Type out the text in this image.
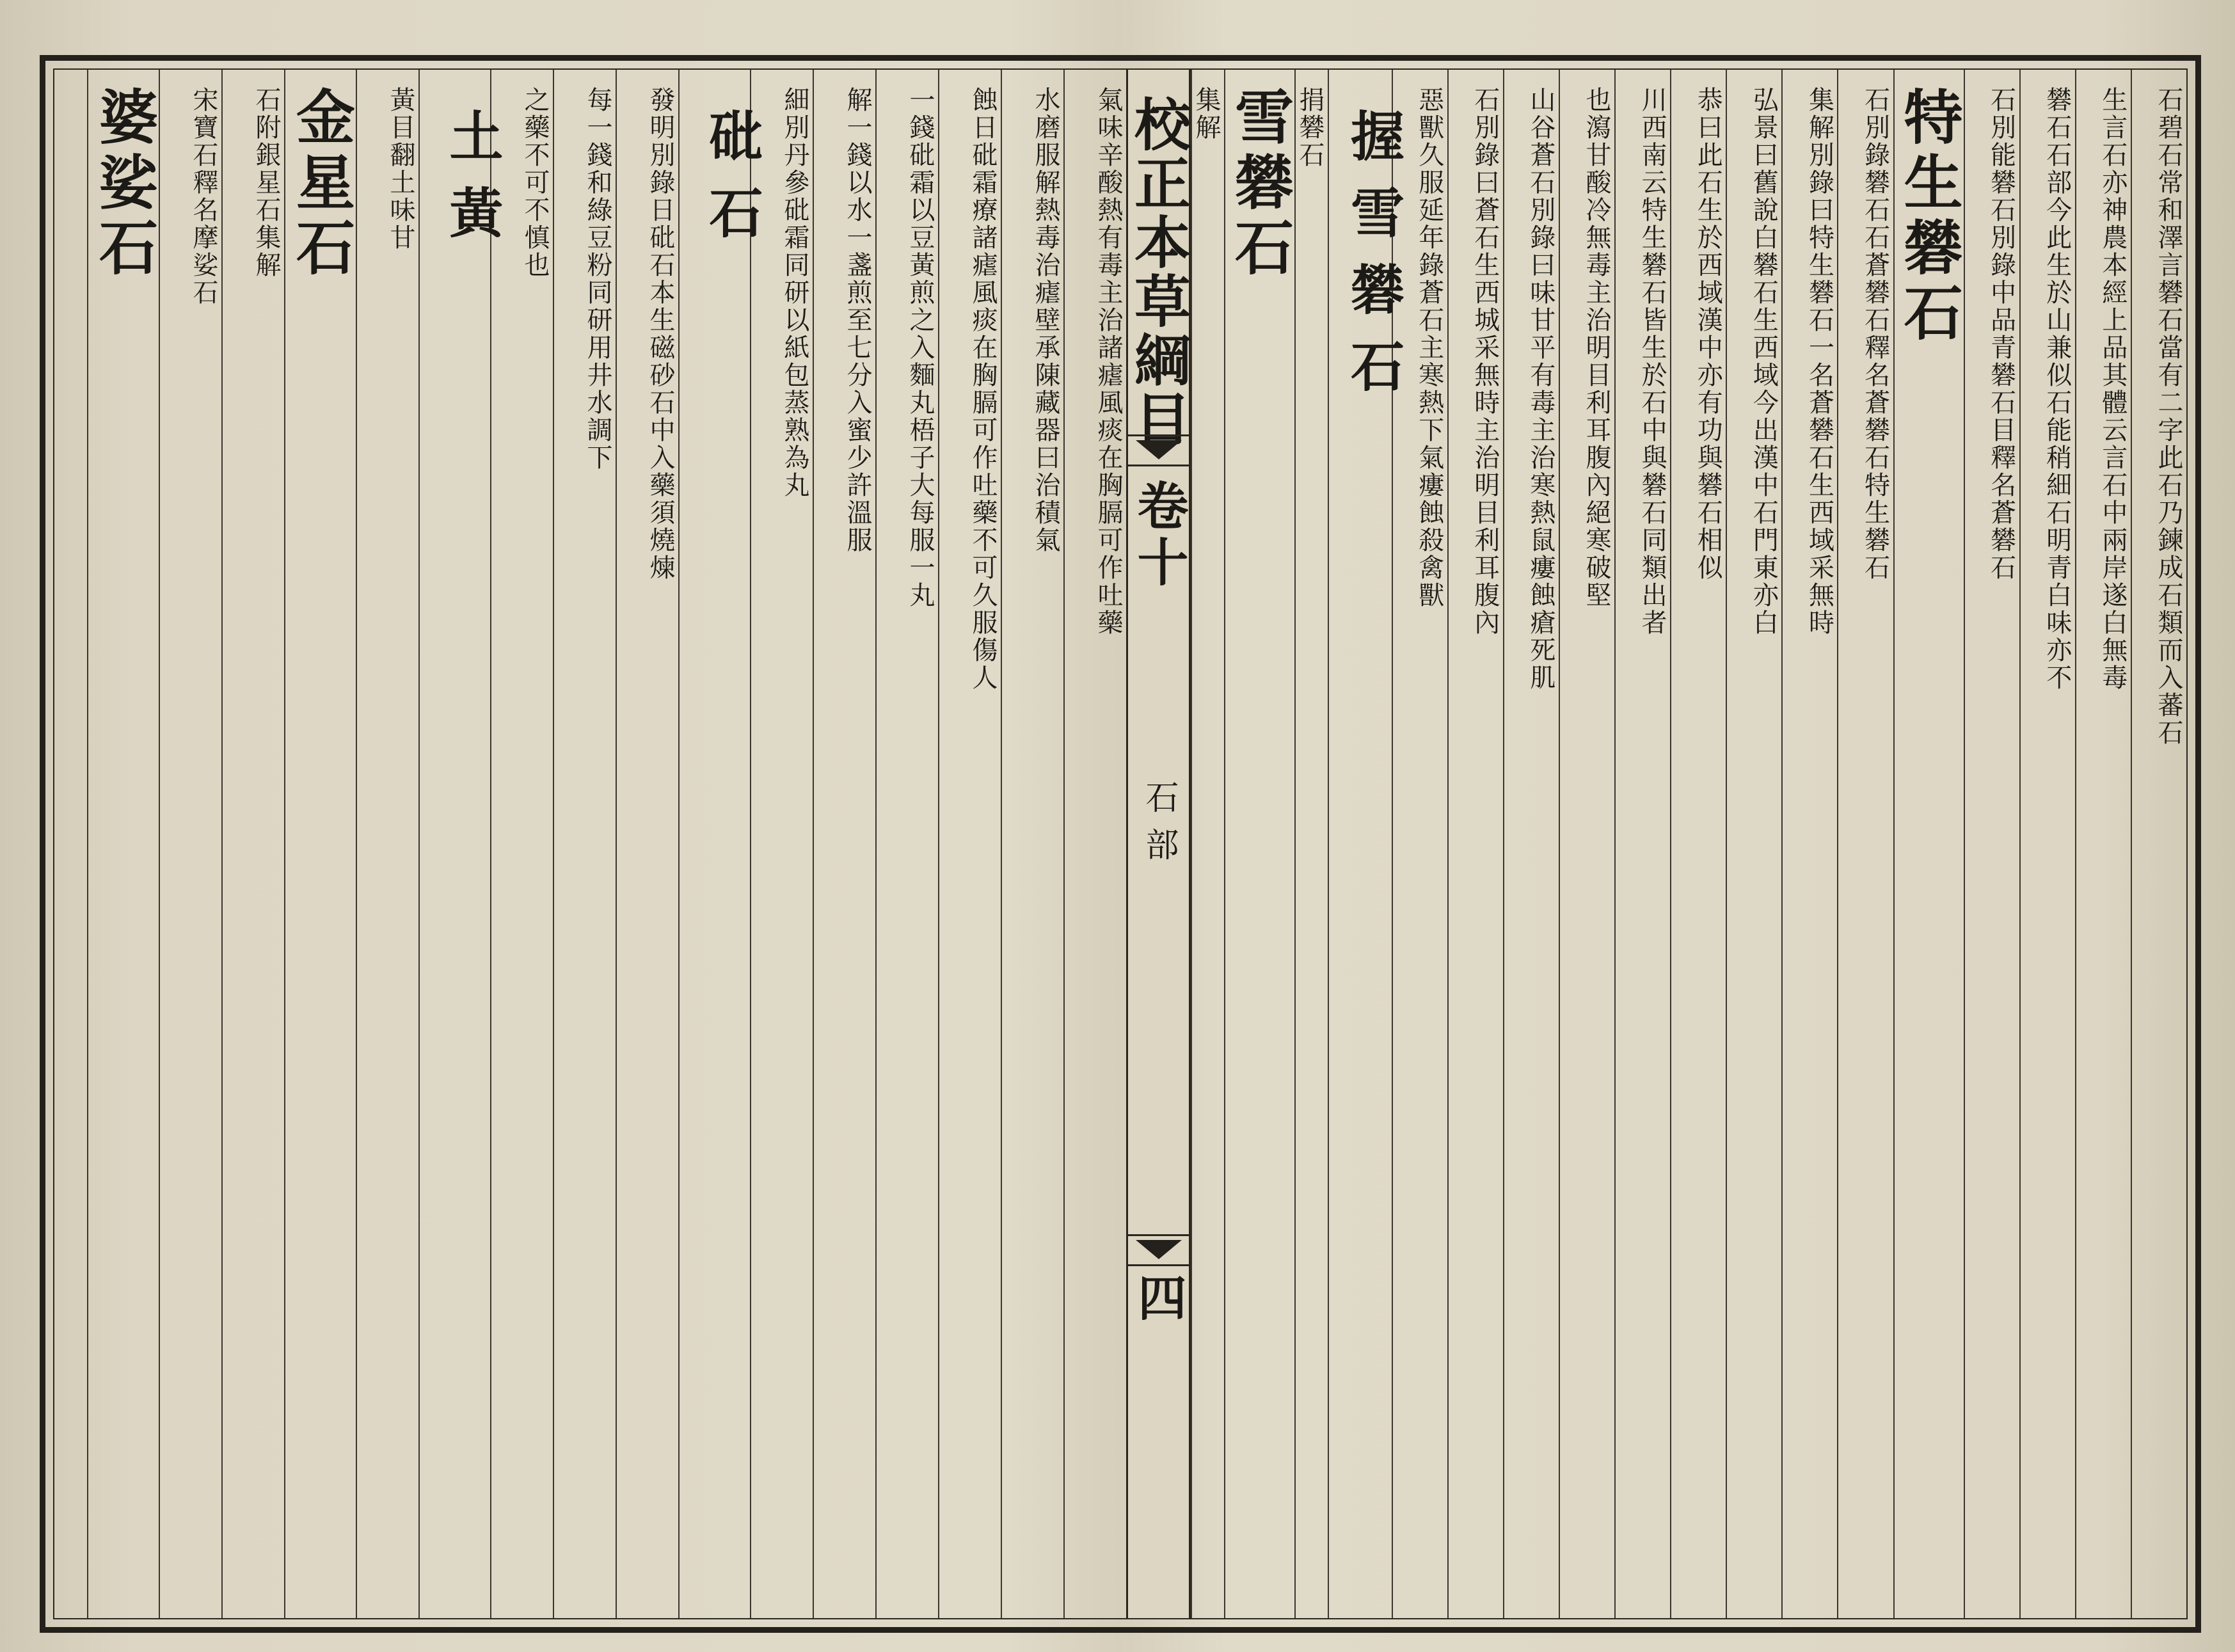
石碧石常和澤言礬石當有二字此石乃鍊成石類而入蕃石
生言石亦神農本經上品其體云言石中兩岸遂白無毒
礬石石部今此生於山兼似石能稍細石明青白味亦不
石別能礬石別錄中品青礬石目釋名蒼礬石
特生礬石
石別錄礬石石蒼礬石釋名蒼礬石特生礬石
集解別錄曰特生礬石一名蒼礬石生西域采無時
弘景曰舊說白礬石生西域今出漢中石門東亦白
恭曰此石生於西域漢中亦有功與礬石相似
川西南云特生礬石皆生於石中與礬石同類出者
也瀉甘酸冷無毒主治明目利耳腹內絕寒破堅
山谷蒼石別錄曰味甘平有毒主治寒熱鼠瘻蝕瘡死肌
石別錄曰蒼石生西城采無時主治明目利耳腹內
惡獸久服延年錄蒼石主寒熱下氣瘻蝕殺禽獸
握雪礬石
捐礬石
雪礬石
集解
校正本草綱目
卷十
石部
四
氣味辛酸熱有毒主治諸瘧風痰在胸膈可作吐藥
水磨服解熱毒治瘧壁承陳藏器曰治積氣
蝕日砒霜療諸瘧風痰在胸膈可作吐藥不可久服傷人
一錢砒霜以豆黃煎之入麵丸梧子大每服一丸
解一錢以水一盞煎至七分入蜜少許溫服
細別丹參砒霜同研以紙包蒸熟為丸
砒石
發明別錄日砒石本生磁砂石中入藥須燒煉
每一錢和綠豆粉同研用井水調下
之藥不可不慎也
土黃
黃目翻土味甘
金星石
石附銀星石集解
宋寶石釋名摩娑石
婆娑石
